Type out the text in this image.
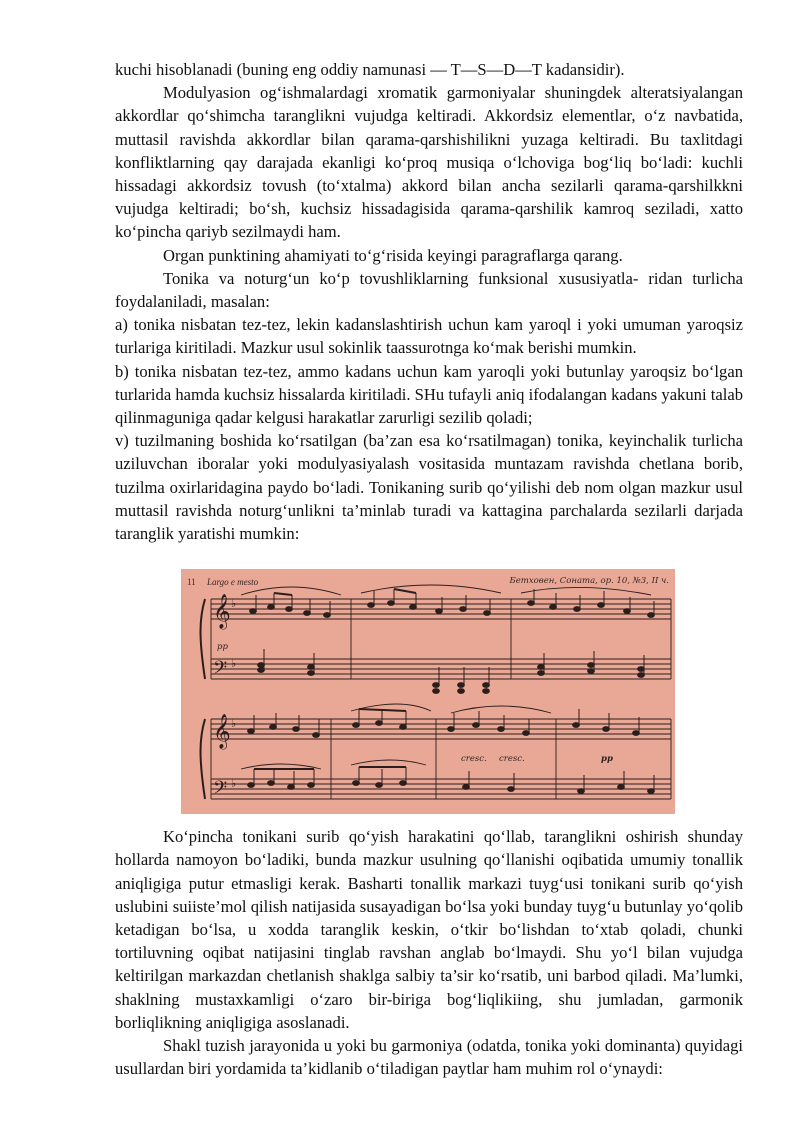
kuchi hisoblanadi (buning eng oddiy namunasi — T—S—D—T kadansidir).

Modulyasion og‘ishmalardagi xromatik garmoniyalar shuningdek alteratsiyalangan akkordlar qo‘shimcha taranglikni vujudga keltiradi. Akkordsiz elementlar, o‘z navbatida, muttasil ravishda akkordlar bilan qarama-qarshishilikni yuzaga keltiradi. Bu taxlitdagi konfliktlarning qay darajada ekanligi ko‘proq musiqa o‘lchoviga bog‘liq bo‘ladi: kuchli hissadagi akkordsiz tovush (to‘xtalma) akkord bilan ancha sezilarli qarama-qarshilkkni vujudga keltiradi; bo‘sh, kuchsiz hissadagisida qarama-qarshilik kamroq seziladi, xatto ko‘pincha qariyb sezilmaydi ham.

Organ punktining ahamiyati to‘g‘risida keyingi paragraflarga qarang.

Tonika va noturg‘un ko‘p tovushliklarning funksional xususiyatla- ridan turlicha foydalaniladi, masalan:

a) tonika nisbatan tez-tez, lekin kadanslashtirish uchun kam yaroql i yoki umuman yaroqsiz turlariga kiritiladi. Mazkur usul sokinlik taassurotnga ko‘mak berishi mumkin.

b) tonika nisbatan tez-tez, ammo kadans uchun kam yaroqli yoki butunlay yaroqsiz bo‘lgan turlarida hamda kuchsiz hissalarda kiritiladi. SHu tufayli aniq ifodalangan kadans yakuni talab qilinmaguniga qadar kelgusi harakatlar zarurligi sezilib qoladi;

v) tuzilmaning boshida ko‘rsatilgan (ba’zan esa ko‘rsatilmagan) tonika, keyinchalik turlicha uziluvchan iboralar yoki modulyasiyalash vositasida muntazam ravishda chetlana borib, tuzilma oxirlaridagina paydo bo‘ladi. Tonikaning surib qo‘yilishi deb nom olgan mazkur usul muttasil ravishda noturg‘unlikni ta’minlab turadi va kattagina parchalarda sezilarli darjada taranglik yaratishi mumkin:

11 Largo e mesto	Бетховен, Соната, ор. 10, №3, II ч.
𝄞
𝄢
𝄞
𝄢
♭
♭
♭
♭
pp
cresc. cresc.	pp

Ko‘pincha tonikani surib qo‘yish harakatini qo‘llab, taranglikni oshirish shunday hollarda namoyon bo‘ladiki, bunda mazkur usulning qo‘llanishi oqibatida umumiy tonallik aniqligiga putur etmasligi kerak. Basharti tonallik markazi tuyg‘usi tonikani surib qo‘yish uslubini suiiste’mol qilish natijasida susayadigan bo‘lsa yoki bunday tuyg‘u butunlay yo‘qolib ketadigan bo‘lsa, u xodda taranglik keskin, o‘tkir bo‘lishdan to‘xtab qoladi, chunki tortiluvning oqibat natijasini tinglab ravshan anglab bo‘lmaydi. Shu yo‘l bilan vujudga keltirilgan markazdan chetlanish shaklga salbiy ta’sir ko‘rsatib, uni barbod qiladi. Ma’lumki, shaklning mustaxkamligi o‘zaro bir-biriga bog‘liqlikiing, shu jumladan, garmonik borliqlikning aniqligiga asoslanadi.

Shakl tuzish jarayonida u yoki bu garmoniya (odatda, tonika yoki dominanta) quyidagi usullardan biri yordamida ta’kidlanib o‘tiladigan paytlar ham muhim rol o‘ynaydi:
